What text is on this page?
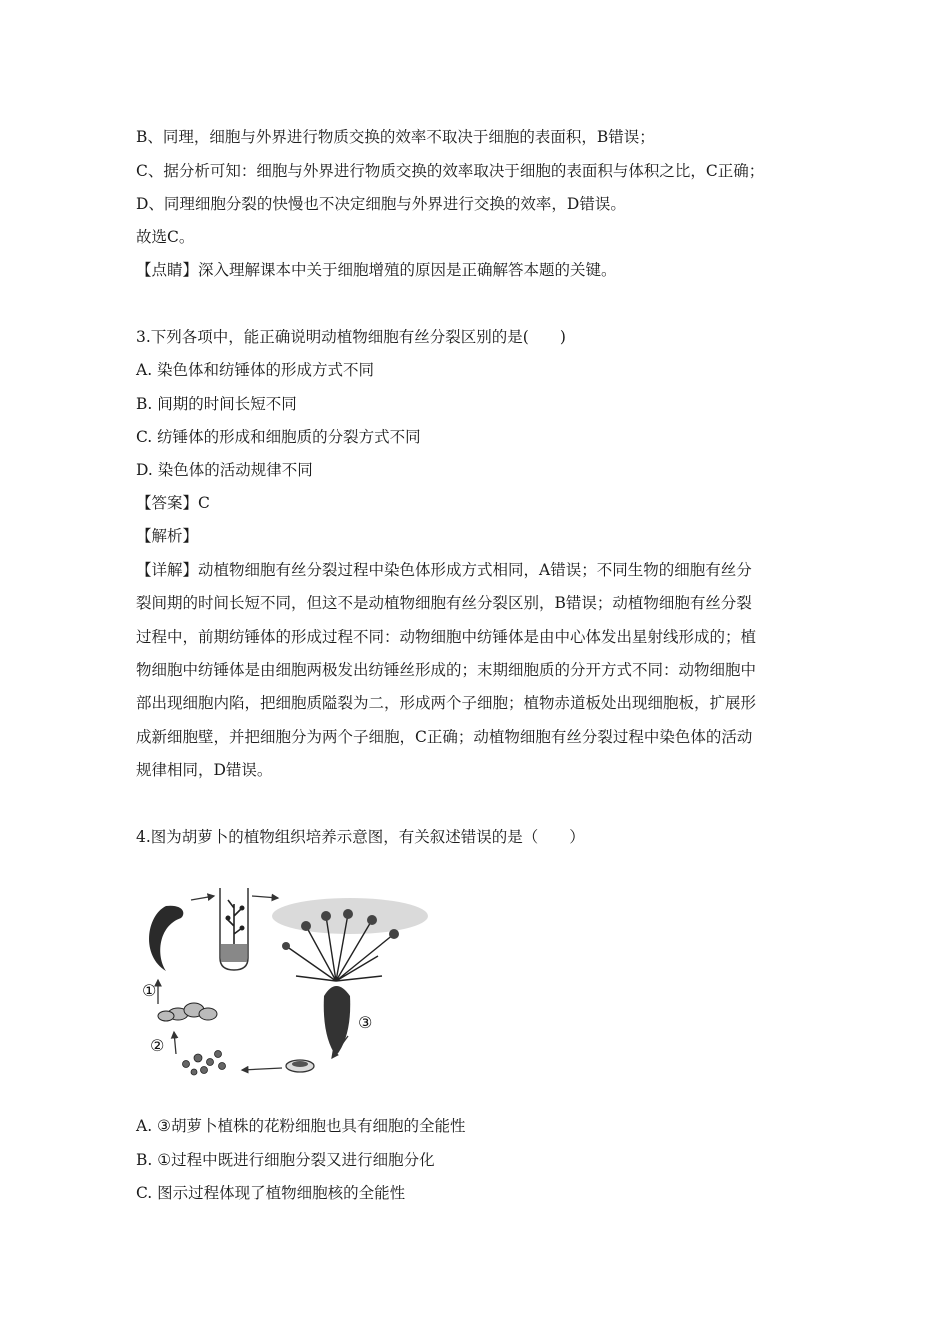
B、同理，细胞与外界进行物质交换的效率不取决于细胞的表面积，B错误；
C、据分析可知：细胞与外界进行物质交换的效率取决于细胞的表面积与体积之比，C正确；
D、同理细胞分裂的快慢也不决定细胞与外界进行交换的效率，D错误。
故选C。
【点睛】深入理解课本中关于细胞增殖的原因是正确解答本题的关键。
3.下列各项中，能正确说明动植物细胞有丝分裂区别的是(　　)
A. 染色体和纺锤体的形成方式不同
B. 间期的时间长短不同
C. 纺锤体的形成和细胞质的分裂方式不同
D. 染色体的活动规律不同
【答案】C
【解析】
【详解】动植物细胞有丝分裂过程中染色体形成方式相同，A错误；不同生物的细胞有丝分
裂间期的时间长短不同，但这不是动植物细胞有丝分裂区别，B错误；动植物细胞有丝分裂
过程中，前期纺锤体的形成过程不同：动物细胞中纺锤体是由中心体发出星射线形成的；植
物细胞中纺锤体是由细胞两极发出纺锤丝形成的；末期细胞质的分开方式不同：动物细胞中
部出现细胞内陷，把细胞质隘裂为二，形成两个子细胞；植物赤道板处出现细胞板，扩展形
成新细胞壁，并把细胞分为两个子细胞，C正确；动植物细胞有丝分裂过程中染色体的活动
规律相同，D错误。
4.图为胡萝卜的植物组织培养示意图，有关叙述错误的是（　　）
③
②
①
A. ③胡萝卜植株的花粉细胞也具有细胞的全能性
B. ①过程中既进行细胞分裂又进行细胞分化
C. 图示过程体现了植物细胞核的全能性
